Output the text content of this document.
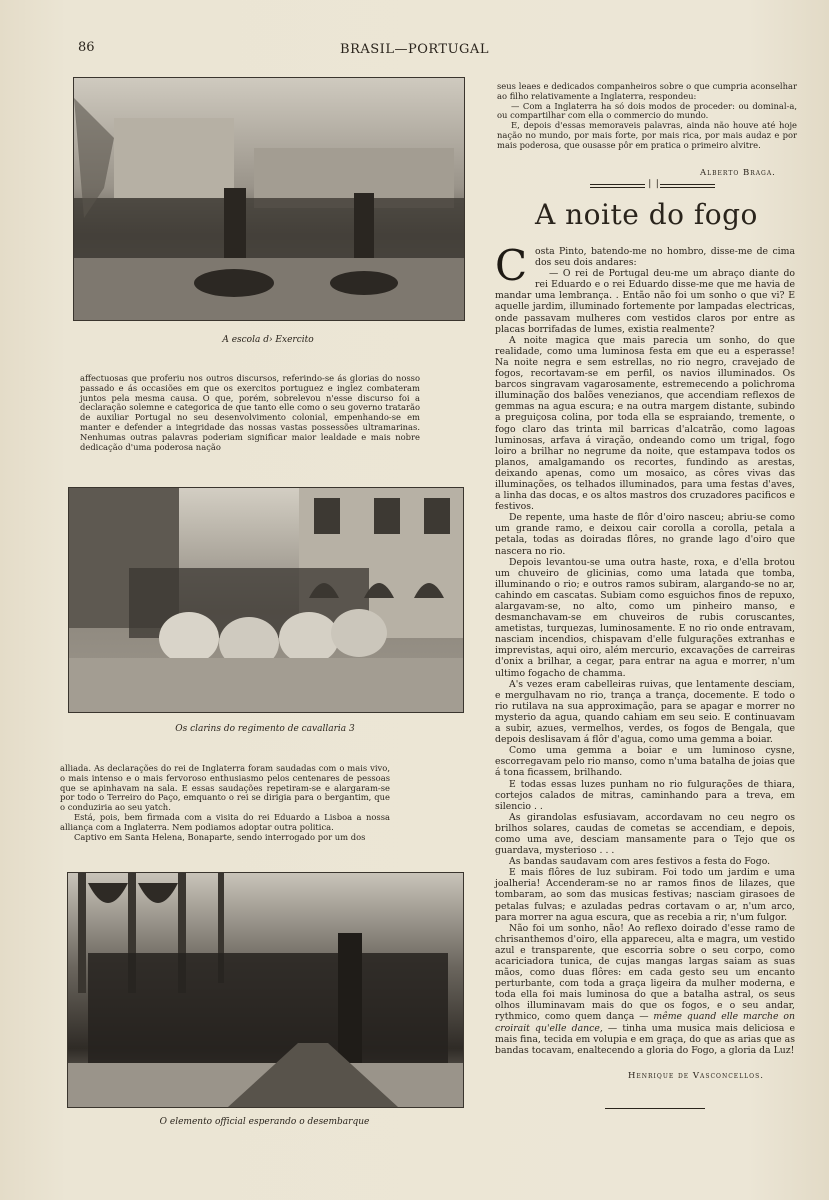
86	BRASIL—PORTUGAL
A escola d› Exercito

affectuosas que proferiu nos outros discursos, referindo-se ás glorias do nosso passado e ás occasiões em que os exercitos portuguez e inglez combateram juntos pela mesma causa. O que, porém, sobrelevou n'esse discurso foi a declaração solemne e categorica de que tanto elle como o seu governo tratarão de auxiliar Portugal no seu desenvolvimento colonial, empenhando-se em manter e defender a integridade das nossas vastas possessões ultramarinas. Nenhumas outras palavras poderiam significar maior lealdade e mais nobre dedicação d'uma poderosa nação

Os clarins do regimento de cavallaria 3

alliada. As declarações do rei de Inglaterra foram saudadas com o mais vivo, o mais intenso e o mais fervoroso enthusiasmo pelos centenares de pessoas que se apinhavam na sala. E essas saudações repetiram-se e alargaram-se por todo o Terreiro do Paço, emquanto o rei se dirigia para o bergantim, que o conduziria ao seu yatch.

Está, pois, bem firmada com a visita do rei Eduardo a Lisboa a nossa alliança com a Inglaterra. Nem podiamos adoptar outra politica.

Captivo em Santa Helena, Bonaparte, sendo interrogado por um dos

O elemento official esperando o desembarque

seus leaes e dedicados companheiros sobre o que cumpria aconselhar ao filho relativamente a Inglaterra, respondeu:

— Com a Inglaterra ha só dois modos de proceder: ou dominal-a, ou compartilhar com ella o commercio do mundo.

E, depois d'essas memoraveis palavras, ainda não houve até hoje nação no mundo, por mais forte, por mais rica, por mais audaz e por mais poderosa, que ousasse pôr em pratica o primeiro alvitre.

Alberto Braga.
❘❘
A noite do fogo

Costa Pinto, batendo-me no hombro, disse-me de cima dos seu dois andares:

— O rei de Portugal deu-me um abraço diante do rei Eduardo e o rei Eduardo disse-me que me havia de mandar uma lembrança. . Então não foi um sonho o que vi? E aquelle jardim, illuminado fortemente por lampadas electricas, onde passavam mulheres com vestidos claros por entre as placas borrifadas de lumes, existia realmente?

A noite magica que mais parecia um sonho, do que realidade, como uma luminosa festa em que eu a esperasse! Na noite negra e sem estrellas, no rio negro, cravejado de fogos, recortavam-se em perfil, os navios illuminados. Os barcos singravam vagarosamente, estremecendo a polichroma illuminação dos balões venezianos, que accendiam reflexos de gemmas na agua escura; e na outra margem distante, subindo a preguiçosa colina, por toda ella se espraiando, tremente, o fogo claro das trinta mil barricas d'alcatrão, como lagoas luminosas, arfava á viração, ondeando como um trigal, fogo loiro a brilhar no negrume da noite, que estampava todos os planos, amalgamando os recortes, fundindo as arestas, deixando apenas, como um mosaico, as côres vivas das illuminações, os telhados illuminados, para uma festas d'aves, a linha das docas, e os altos mastros dos cruzadores pacificos e festivos.

De repente, uma haste de flôr d'oiro nasceu; abriu-se como um grande ramo, e deixou cair corolla a corolla, petala a petala, todas as doiradas flôres, no grande lago d'oiro que nascera no rio.

Depois levantou-se uma outra haste, roxa, e d'ella brotou um chuveiro de glicinias, como uma latada que tomba, illuminando o rio; e outros ramos subiram, alargando-se no ar, cahindo em cascatas. Subiam como esguichos finos de repuxo, alargavam-se, no alto, como um pinheiro manso, e desmanchavam-se em chuveiros de rubis coruscantes, ametistas, turquezas, luminosamente. E no rio onde entravam, nasciam incendios, chispavam d'elle fulgurações extranhas e imprevistas, aqui oiro, além mercurio, excavações de carreiras d'onix a brilhar, a cegar, para entrar na agua e morrer, n'um ultimo fogacho de chamma.

A's vezes eram cabelleiras ruivas, que lentamente desciam, e mergulhavam no rio, trança a trança, docemente. E todo o rio rutilava na sua approximação, para se apagar e morrer no mysterio da agua, quando cahiam em seu seio. E continuavam a subir, azues, vermelhos, verdes, os fogos de Bengala, que depois deslisavam á flôr d'agua, como uma gemma a boiar.

Como uma gemma a boiar e um luminoso cysne, escorregavam pelo rio manso, como n'uma batalha de joias que á tona ficassem, brilhando.

E todas essas luzes punham no rio fulgurações de thiara, cortejos calados de mitras, caminhando para a treva, em silencio . .

As girandolas esfusiavam, accordavam no ceu negro os brilhos solares, caudas de cometas se accendiam, e depois, como uma ave, desciam mansamente para o Tejo que os guardava, mysterioso . . .

As bandas saudavam com ares festivos a festa do Fogo.

E mais flôres de luz subiram. Foi todo um jardim e uma joalheria! Accenderam-se no ar ramos finos de lilazes, que tombaram, ao som das musicas festivas; nasciam girasoes de petalas fulvas; e azuladas pedras cortavam o ar, n'um arco, para morrer na agua escura, que as recebia a rir, n'um fulgor.

Não foi um sonho, não! Ao reflexo doirado d'esse ramo de chrisanthemos d'oiro, ella appareceu, alta e magra, um vestido azul e transparente, que escorria sobre o seu corpo, como acariciadora tunica, de cujas mangas largas saiam as suas mãos, como duas flôres: em cada gesto seu um encanto perturbante, com toda a graça ligeira da mulher moderna, e toda ella foi mais luminosa do que a batalha astral, os seus olhos illuminavam mais do que os fogos, e o seu andar, rythmico, como quem dança — même quand elle marche on croirait qu'elle dance, — tinha uma musica mais deliciosa e mais fina, tecida em volupia e em graça, do que as arias que as bandas tocavam, enaltecendo a gloria do Fogo, a gloria da Luz!

Henrique de Vasconcellos.
